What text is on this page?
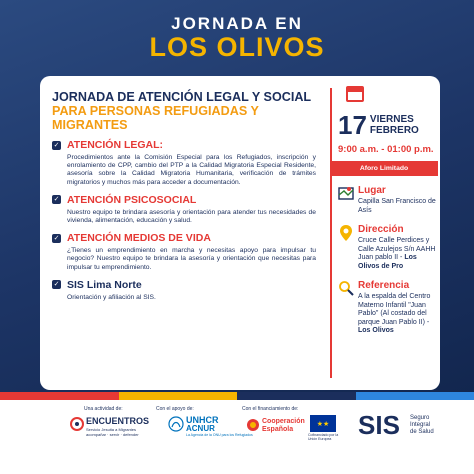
JORNADA EN
LOS OLIVOS
JORNADA DE ATENCIÓN LEGAL Y SOCIAL PARA PERSONAS REFUGIADAS Y MIGRANTES
✓ ATENCIÓN LEGAL:
Procedimientos ante la Comisión Especial para los Refugiados, inscripción y enrolamiento de CPP, cambio del PTP a la Calidad Migratoria Especial Residente, asesoría sobre la Calidad Migratoria Humanitaria, verificación de trámites migratorios y muchos más para acceder a documentación.
✓ ATENCIÓN PSICOSOCIAL
Nuestro equipo te brindara asesoría y orientación para atender tus necesidades de vivienda, alimentación, educación y salud.
✓ ATENCIÓN MEDIOS DE VIDA
¿Tienes un emprendimiento en marcha y necesitas apoyo para impulsar tu negocio? Nuestro equipo te brindara la asesoría y orientación que necesitas para impulsar tu emprendimiento.
✓ SIS Lima Norte
Orientación y afiliación al SIS.
17 VIERNES
FEBRERO
9:00 a.m. - 01:00 p.m.
Aforo Limitado
Lugar
Capilla San Francisco de Asís
Dirección
Cruce Calle Perdices y Calle Azulejos S/n AAHH Juan pablo II - Los Olivos de Pro
Referencia
A la espalda del Centro Materno Infantil "Juan Pablo" (Al costado del parque Juan Pablo II) - Los Olivos
Una actividad de:	Con el apoyo de:	Con el financiamiento de:
ENCUENTROS
Servicio Jesuita a Migrantes
acompañar · servir · defender
UNHCR
ACNUR
La Agencia de la ONU para los Refugiados
Cooperación
Española
★★
Cofinanciado por la Unión Europea	SIS Seguro
Integral
de Salud
